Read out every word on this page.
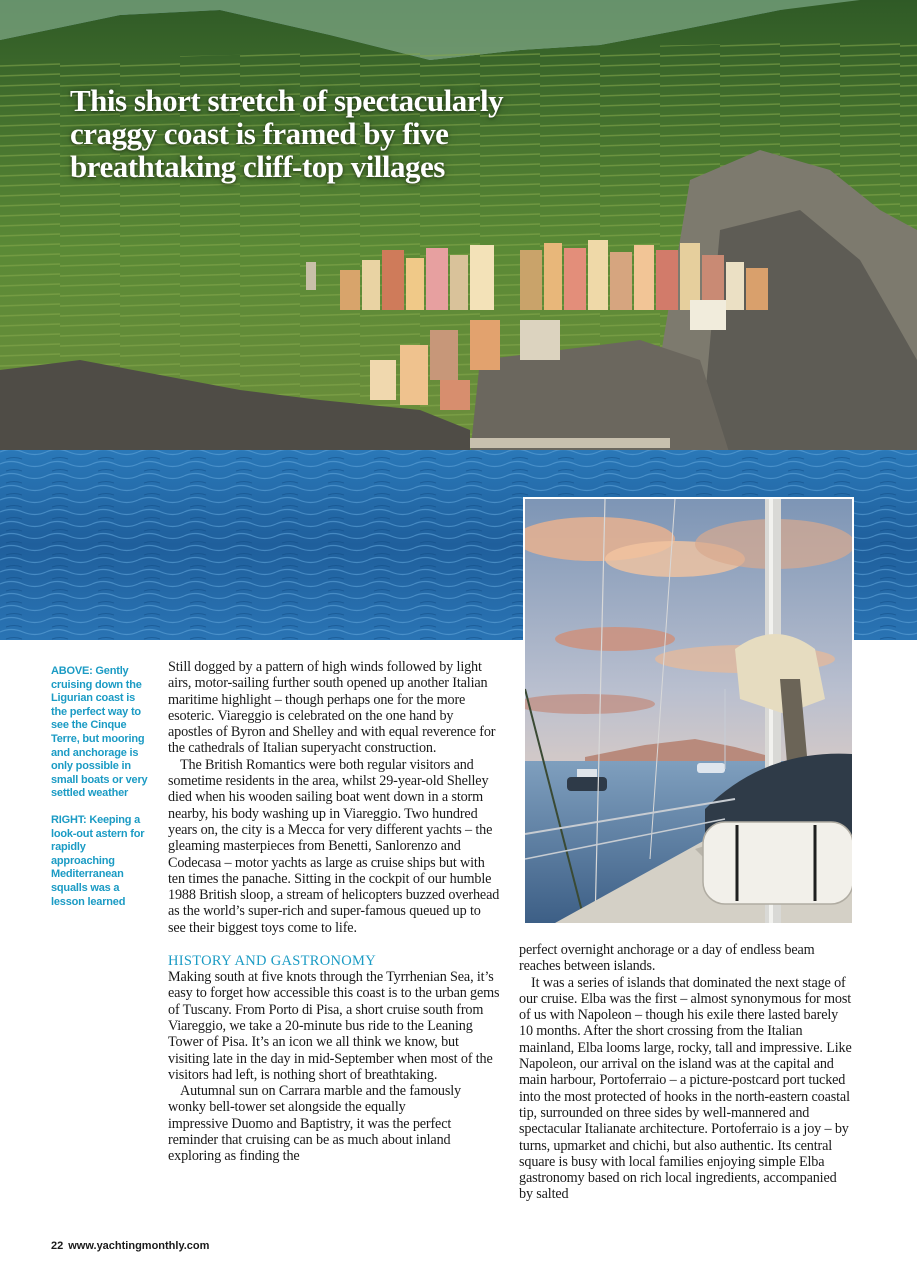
This short stretch of spectacularly craggy coast is framed by five breathtaking cliff-top villages

ABOVE: Gently cruising down the Ligurian coast is the perfect way to see the Cinque Terre, but mooring and anchorage is only possible in small boats or very settled weather

RIGHT: Keeping a look-out astern for rapidly approaching Mediterranean squalls was a lesson learned

Still dogged by a pattern of high winds followed by light airs, motor-sailing further south opened up another Italian maritime highlight – though perhaps one for the more esoteric. Viareggio is celebrated on the one hand by apostles of Byron and Shelley and with equal reverence for the cathedrals of Italian superyacht construction.

The British Romantics were both regular visitors and sometime residents in the area, whilst 29-year-old Shelley died when his wooden sailing boat went down in a storm nearby, his body washing up in Viareggio. Two hundred years on, the city is a Mecca for very different yachts – the gleaming masterpieces from Benetti, Sanlorenzo and Codecasa – motor yachts as large as cruise ships but with ten times the panache. Sitting in the cockpit of our humble 1988 British sloop, a stream of helicopters buzzed overhead as the world’s super-rich and super-famous queued up to see their biggest toys come to life.

HISTORY AND GASTRONOMY

Making south at five knots through the Tyrrhenian Sea, it’s easy to forget how accessible this coast is to the urban gems of Tuscany. From Porto di Pisa, a short cruise south from Viareggio, we take a 20-minute bus ride to the Leaning Tower of Pisa. It’s an icon we all think we know, but visiting late in the day in mid-September when most of the visitors had left, is nothing short of breathtaking.

Autumnal sun on Carrara marble and the famously wonky bell-tower set alongside the equally impressive Duomo and Baptistry, it was the perfect reminder that cruising can be as much about inland exploring as finding the

perfect overnight anchorage or a day of endless beam reaches between islands.

It was a series of islands that dominated the next stage of our cruise. Elba was the first – almost synonymous for most of us with Napoleon – though his exile there lasted barely 10 months. After the short crossing from the Italian mainland, Elba looms large, rocky, tall and impressive. Like Napoleon, our arrival on the island was at the capital and main harbour, Portoferraio – a picture-postcard port tucked into the most protected of hooks in the north-eastern coastal tip, surrounded on three sides by well-mannered and spectacular Italianate architecture. Portoferraio is a joy – by turns, upmarket and chichi, but also authentic. Its central square is busy with local families enjoying simple Elba gastronomy based on rich local ingredients, accompanied by salted

22 www.yachtingmonthly.com
